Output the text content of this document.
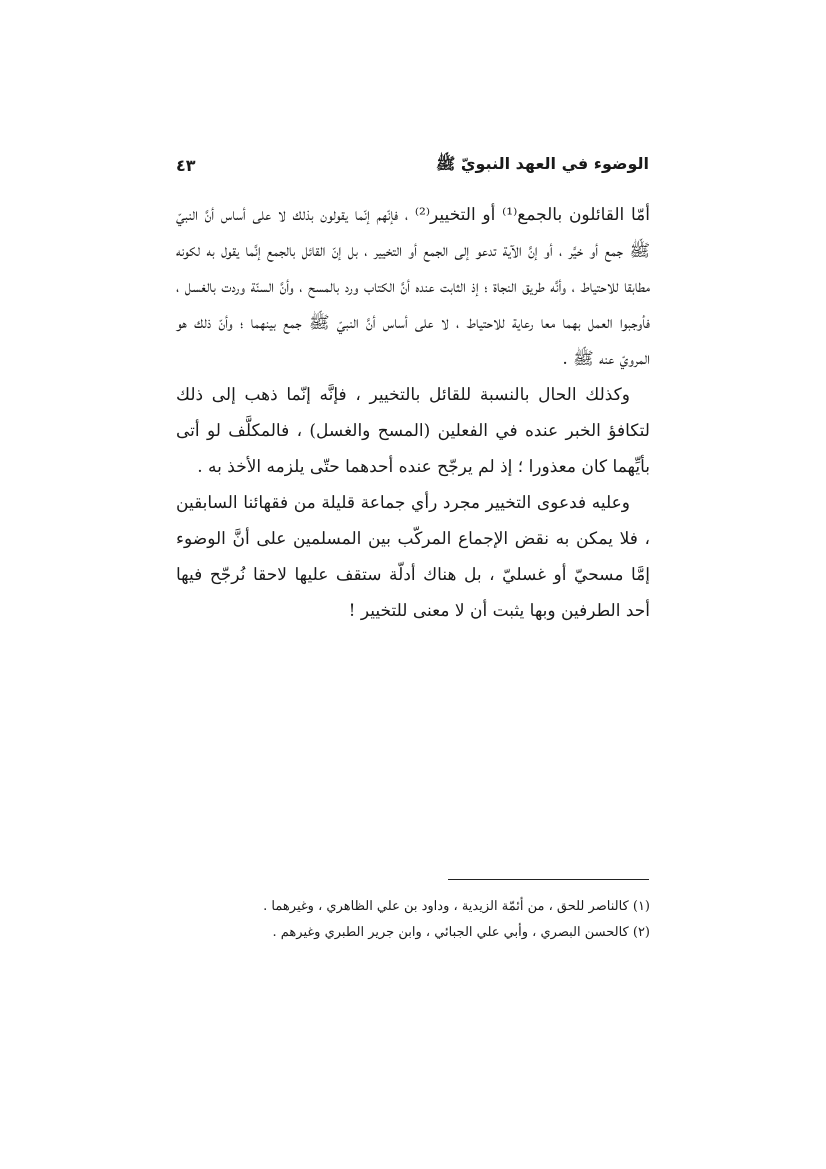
الوضوء في العهد النبويّ ﷺ
٤٣

أمّا القائلون بالجمع⁽¹⁾ أو التخيير⁽²⁾ ، فإنّهم إنّما يقولون بذلك لا على أساس أنَّ النبيّ ﷺ جمع أو خيَّر ، أو إنَّ الآية تدعو إلى الجمع أو التخيير ، بل إنّ القائل بالجمع إنَّما يقول به لكونه مطابقا للاحتياط ، وأنَّه طريق النجاة ؛ إذ الثابت عنده أنَّ الكتاب ورد بالمسح ، وأنَّ السنّة وردت بالغسل ، فأوجبوا العمل بهما معا رعاية للاحتياط ، لا على أساس أنَّ النبيّ ﷺ جمع بينهما ؛ وأنّ ذلك هو المرويّ عنه ﷺ .

وكذلك الحال بالنسبة للقائل بالتخيير ، فإنَّه إنّما ذهب إلى ذلك لتكافؤ الخبر عنده في الفعلين (المسح والغسل) ، فالمكلَّف لو أتى بأيِّهما كان معذورا ؛ إذ لم يرجّح عنده أحدهما حتّى يلزمه الأخذ به .

وعليه فدعوى التخيير مجرد رأي جماعة قليلة من فقهائنا السابقين ، فلا يمكن به نقض الإجماع المركّب بين المسلمين على أنَّ الوضوء إمَّا مسحيّ أو غسليّ ، بل هناك أدلّة ستقف عليها لاحقا نُرجّح فيها أحد الطرفين وبها يثبت أن لا معنى للتخيير !

(١) كالناصر للحق ، من أئمّة الزيدية ، وداود بن علي الظاهري ، وغيرهما .

(٢) كالحسن البصري ، وأبي علي الجبائي ، وابن جرير الطبري وغيرهم .
